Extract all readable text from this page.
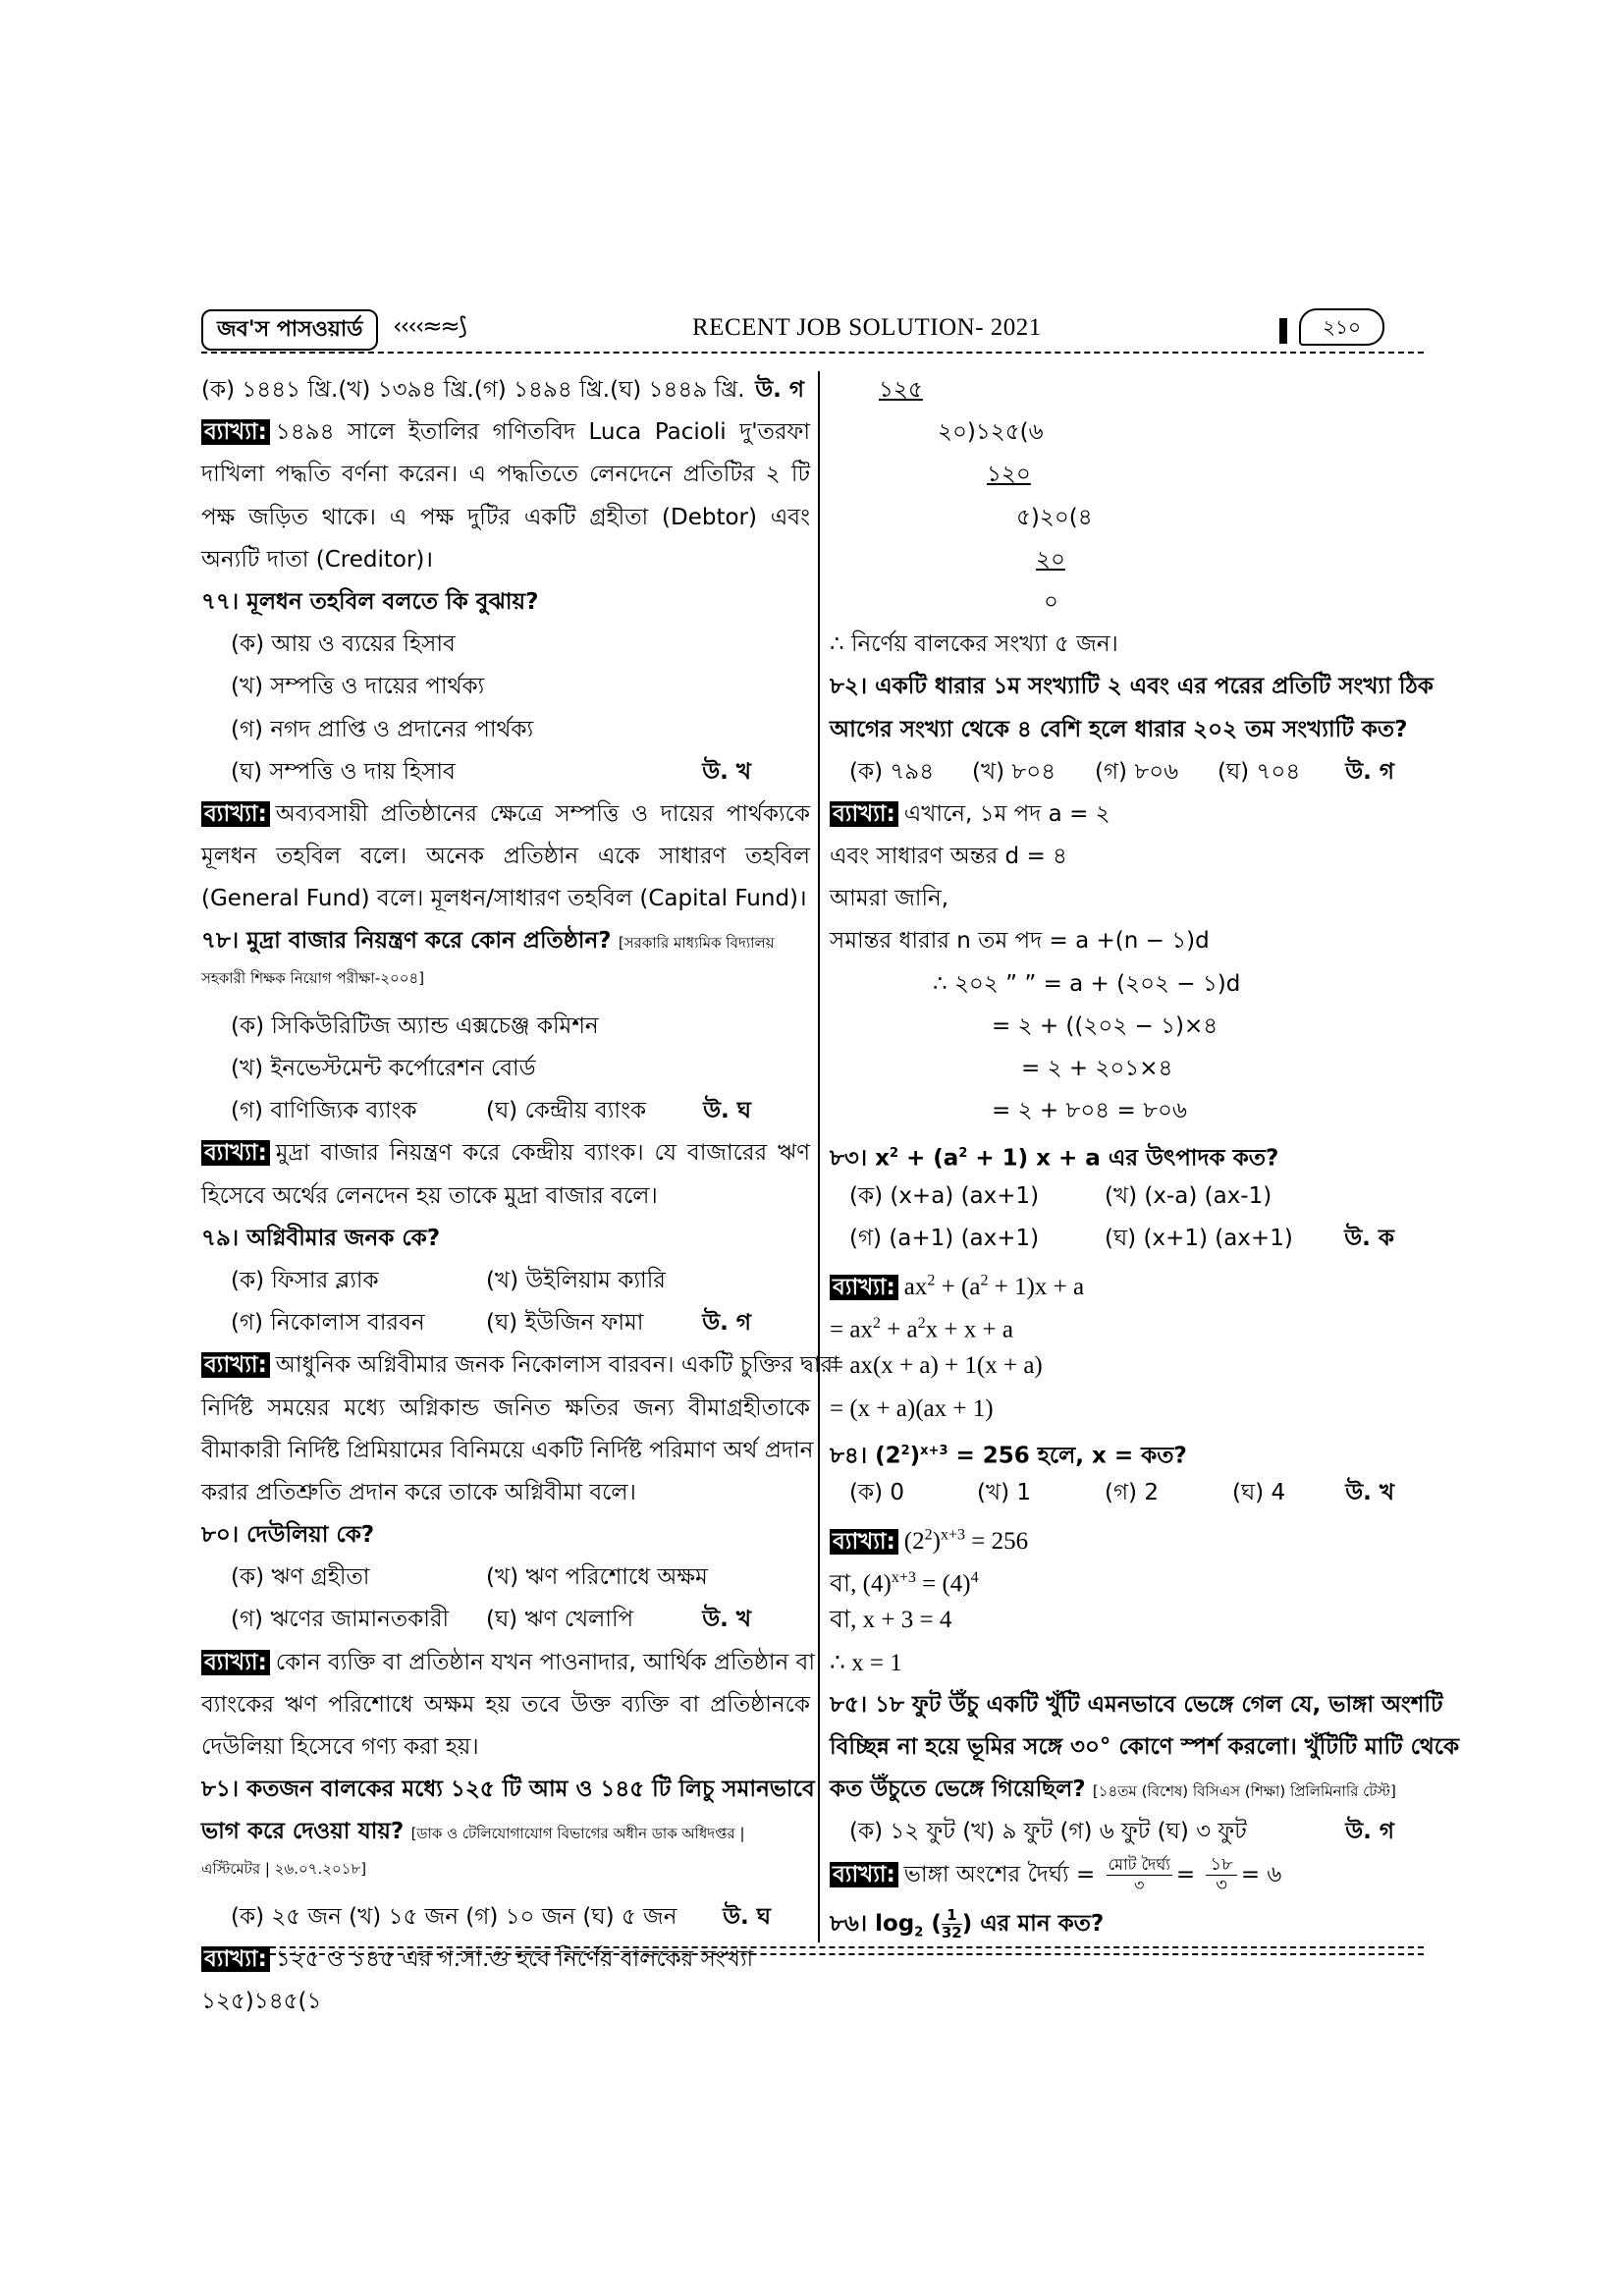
জব'স পাসওয়ার্ড	‹‹‹‹≈≈⟆	RECENT JOB SOLUTION- 2021	২১০
(ক) ১৪৪১ খ্রি.(খ) ১৩৯৪ খ্রি.(গ) ১৪৯৪ খ্রি.(ঘ) ১৪৪৯ খ্রি. উ. গ
ব্যাখ্যা: ১৪৯৪ সালে ইতালির গণিতবিদ Luca Pacioli দু'তরফা
দাখিলা পদ্ধতি বর্ণনা করেন। এ পদ্ধতিতে লেনদেনে প্রতিটির ২ টি
পক্ষ জড়িত থাকে। এ পক্ষ দুটির একটি গ্রহীতা (Debtor) এবং
অন্যটি দাতা (Creditor)।
৭৭। মূলধন তহবিল বলতে কি বুঝায়?
(ক) আয় ও ব্যয়ের হিসাব
(খ) সম্পত্তি ও দায়ের পার্থক্য
(গ) নগদ প্রাপ্তি ও প্রদানের পার্থক্য
(ঘ) সম্পত্তি ও দায় হিসাব	উ. খ
ব্যাখ্যা: অব্যবসায়ী প্রতিষ্ঠানের ক্ষেত্রে সম্পত্তি ও দায়ের পার্থক্যকে
মূলধন তহবিল বলে। অনেক প্রতিষ্ঠান একে সাধারণ তহবিল
(General Fund) বলে। মূলধন/সাধারণ তহবিল (Capital Fund)।
৭৮। মুদ্রা বাজার নিয়ন্ত্রণ করে কোন প্রতিষ্ঠান? [সরকারি মাধ্যমিক বিদ্যালয়
সহকারী শিক্ষক নিয়োগ পরীক্ষা-২০০৪]
(ক) সিকিউরিটিজ অ্যান্ড এক্সচেঞ্জ কমিশন
(খ) ইনভেস্টমেন্ট কর্পোরেশন বোর্ড
(গ) বাণিজ্যিক ব্যাংক	(ঘ) কেন্দ্রীয় ব্যাংক	উ. ঘ
ব্যাখ্যা: মুদ্রা বাজার নিয়ন্ত্রণ করে কেন্দ্রীয় ব্যাংক। যে বাজারের ঋণ
হিসেবে অর্থের লেনদেন হয় তাকে মুদ্রা বাজার বলে।
৭৯। অগ্নিবীমার জনক কে?
(ক) ফিসার ব্ল্যাক	(খ) উইলিয়াম ক্যারি
(গ) নিকোলাস বারবন	(ঘ) ইউজিন ফামা	উ. গ
ব্যাখ্যা: আধুনিক অগ্নিবীমার জনক নিকোলাস বারবন। একটি চুক্তির দ্বারা
নির্দিষ্ট সময়ের মধ্যে অগ্নিকান্ড জনিত ক্ষতির জন্য বীমাগ্রহীতাকে
বীমাকারী নির্দিষ্ট প্রিমিয়ামের বিনিময়ে একটি নির্দিষ্ট পরিমাণ অর্থ প্রদান
করার প্রতিশ্রুতি প্রদান করে তাকে অগ্নিবীমা বলে।
৮০। দেউলিয়া কে?
(ক) ঋণ গ্রহীতা	(খ) ঋণ পরিশোধে অক্ষম
(গ) ঋণের জামানতকারী (ঘ) ঋণ খেলাপি	উ. খ
ব্যাখ্যা: কোন ব্যক্তি বা প্রতিষ্ঠান যখন পাওনাদার, আর্থিক প্রতিষ্ঠান বা
ব্যাংকের ঋণ পরিশোধে অক্ষম হয় তবে উক্ত ব্যক্তি বা প্রতিষ্ঠানকে
দেউলিয়া হিসেবে গণ্য করা হয়।
৮১। কতজন বালকের মধ্যে ১২৫ টি আম ও ১৪৫ টি লিচু সমানভাবে
ভাগ করে দেওয়া যায়? [ডাক ও টেলিযোগাযোগ বিভাগের অধীন ডাক অধিদপ্তর |
এস্টিমেটর | ২৬.০৭.২০১৮]
(ক) ২৫ জন (খ) ১৫ জন (গ) ১০ জন (ঘ) ৫ জন উ. ঘ
ব্যাখ্যা: ১২৫ ও ১৪৫ এর গ.সা.গু হবে নির্ণেয় বালকের সংখ্যা
১২৫)১৪৫(১
১২৫
২০)১২৫(৬
১২০
৫)২০(৪
২০
০
∴ নির্ণেয় বালকের সংখ্যা ৫ জন।
৮২। একটি ধারার ১ম সংখ্যাটি ২ এবং এর পরের প্রতিটি সংখ্যা ঠিক
আগের সংখ্যা থেকে ৪ বেশি হলে ধারার ২০২ তম সংখ্যাটি কত?
(ক) ৭৯৪ (খ) ৮০৪ (গ) ৮০৬ (ঘ) ৭০৪ উ. গ
ব্যাখ্যা: এখানে, ১ম পদ a = ২
এবং সাধারণ অন্তর d = ৪
আমরা জানি,
সমান্তর ধারার n তম পদ = a +(n − ১)d
∴ ২০২ ” ” = a + (২০২ − ১)d
= ২ + ((২০২ − ১)×৪
= ২ + ২০১×৪
= ২ + ৮০৪ = ৮০৬
৮৩। $x^2 + (a^2 + 1) x + a$ এর উৎপাদক কত?
(ক) (x+a) (ax+1)	(খ) (x-a) (ax-1)
(গ) (a+1) (ax+1)	(ঘ) (x+1) (ax+1) উ. ক
ব্যাখ্যা: $ax^2 + (a^2 + 1)x + a$
= $ax^2 + a^2x + x + a$
= ax(x + a) + 1(x + a)
= (x + a)(ax + 1)
৮৪। $(2^2)^{x+3} = 256$ হলে, x = কত?
(ক) 0	(খ) 1	(গ) 2	(ঘ) 4	উ. খ
ব্যাখ্যা: $(2^2)^{x+3} = 256$
বা, $(4)^{x+3} = (4)^4$
বা, x + 3 = 4
∴ x = 1
৮৫। ১৮ ফুট উঁচু একটি খুঁটি এমনভাবে ভেঙ্গে গেল যে, ভাঙ্গা অংশটি
বিচ্ছিন্ন না হয়ে ভূমির সঙ্গে ৩০° কোণে স্পর্শ করলো। খুঁটিটি মাটি থেকে
কত উঁচুতে ভেঙ্গে গিয়েছিল? [১৪তম (বিশেষ) বিসিএস (শিক্ষা) প্রিলিমিনারি টেস্ট]
(ক) ১২ ফুট (খ) ৯ ফুট (গ) ৬ ফুট (ঘ) ৩ ফুট	উ. গ
ব্যাখ্যা: ভাঙ্গা অংশের দৈর্ঘ্য = মোট দৈর্ঘ্য
৩	= ১৮
৩ = ৬
৮৬। $\log_2$ ( $\frac{1}{32}$ ) এর মান কত?
